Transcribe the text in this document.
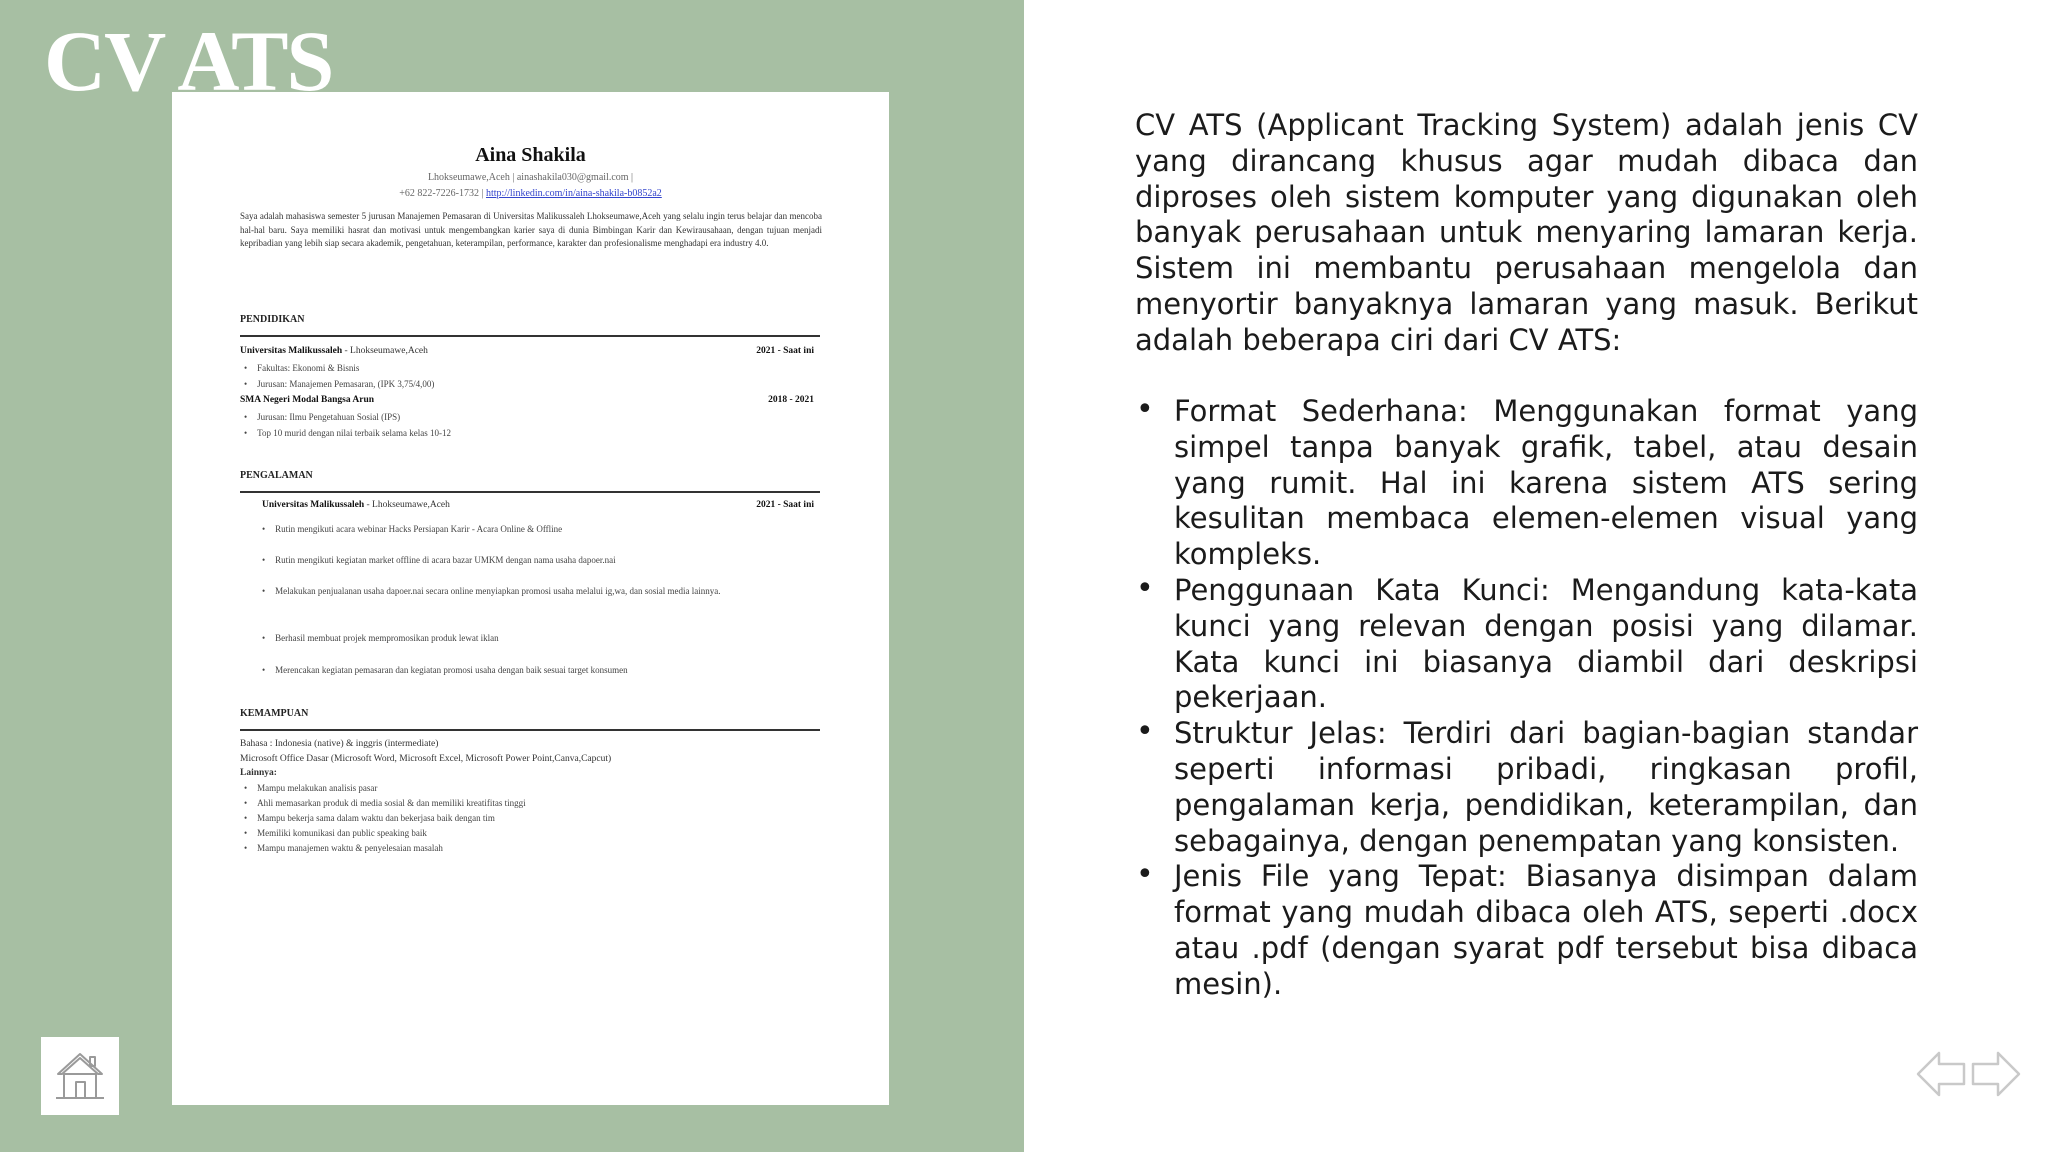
CV ATS
Aina Shakila
Lhokseumawe,Aceh | ainashakila030@gmail.com |
+62 822-7226-1732 | http://linkedin.com/in/aina-shakila-b0852a2
Saya adalah mahasiswa semester 5 jurusan Manajemen Pemasaran di Universitas Malikussaleh Lhokseumawe,Aceh yang selalu ingin terus belajar dan mencoba hal-hal baru. Saya memiliki hasrat dan motivasi untuk mengembangkan karier saya di dunia Bimbingan Karir dan Kewirausahaan, dengan tujuan menjadi kepribadian yang lebih siap secara akademik, pengetahuan, keterampilan, performance, karakter dan profesionalisme menghadapi era industry 4.0.
PENDIDIKAN
Universitas Malikussaleh - Lhokseumawe,Aceh	2021 - Saat ini
• Fakultas: Ekonomi & Bisnis
• Jurusan: Manajemen Pemasaran, (IPK 3,75/4,00)
SMA Negeri Modal Bangsa Arun	2018 - 2021
• Jurusan: Ilmu Pengetahuan Sosial (IPS)
• Top 10 murid dengan nilai terbaik selama kelas 10-12
PENGALAMAN
Universitas Malikussaleh - Lhokseumawe,Aceh	2021 - Saat ini
• Rutin mengikuti acara webinar Hacks Persiapan Karir - Acara Online & Offline
• Rutin mengikuti kegiatan market offline di acara bazar UMKM dengan nama usaha dapoer.nai
• Melakukan penjualanan usaha dapoer.nai secara online menyiapkan promosi usaha melalui ig,wa, dan sosial media lainnya.
• Berhasil membuat projek mempromosikan produk lewat iklan
• Merencakan kegiatan pemasaran dan kegiatan promosi usaha dengan baik sesuai target konsumen
KEMAMPUAN
Bahasa : Indonesia (native) & inggris (intermediate)
Microsoft Office Dasar (Microsoft Word, Microsoft Excel, Microsoft Power Point,Canva,Capcut)
Lainnya:
• Mampu melakukan analisis pasar
• Ahli memasarkan produk di media sosial & dan memiliki kreatifitas tinggi
• Mampu bekerja sama dalam waktu dan bekerjasa baik dengan tim
• Memiliki komunikasi dan public speaking baik
• Mampu manajemen waktu & penyelesaian masalah

CV ATS (Applicant Tracking System) adalah jenis CV yang dirancang khusus agar mudah dibaca dan diproses oleh sistem komputer yang digunakan oleh banyak perusahaan untuk menyaring lamaran kerja. Sistem ini membantu perusahaan mengelola dan menyortir banyaknya lamaran yang masuk. Berikut adalah beberapa ciri dari CV ATS:

• Format Sederhana: Menggunakan format yang simpel tanpa banyak grafik, tabel, atau desain yang rumit. Hal ini karena sistem ATS sering kesulitan membaca elemen-elemen visual yang kompleks.
• Penggunaan Kata Kunci: Mengandung kata-kata kunci yang relevan dengan posisi yang dilamar. Kata kunci ini biasanya diambil dari deskripsi pekerjaan.
• Struktur Jelas: Terdiri dari bagian-bagian standar seperti informasi pribadi, ringkasan profil, pengalaman kerja, pendidikan, keterampilan, dan sebagainya, dengan penempatan yang konsisten.
• Jenis File yang Tepat: Biasanya disimpan dalam format yang mudah dibaca oleh ATS, seperti .docx atau .pdf (dengan syarat pdf tersebut bisa dibaca mesin).
